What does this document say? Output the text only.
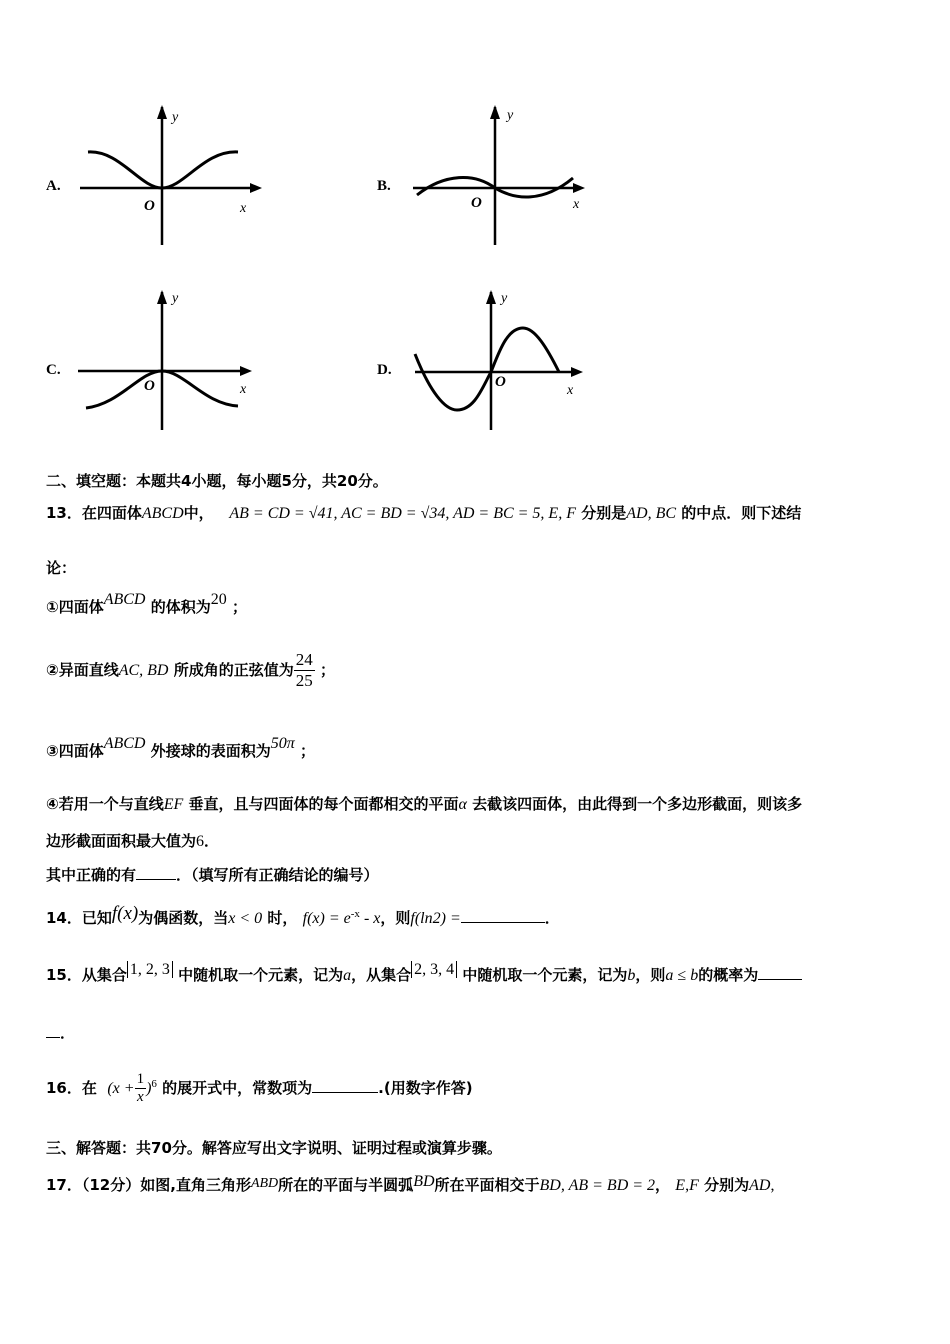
A.	B.
C.	D.
y
x
O
y
x
O
y
x
O
y
x
O
二、填空题：本题共4小题，每小题5分，共20分。
13．在四面体ABCD中， AB = CD = √41, AC = BD = √34, AD = BC = 5, E, F 分别是AD, BC 的中点．则下述结
论：
①四面体ABCD 的体积为20 ；
②异面直线AC, BD 所成角的正弦值为 $\frac{24}{25}$ ；
③四面体ABCD 外接球的表面积为50π ；
④若用一个与直线EF 垂直，且与四面体的每个面都相交的平面α 去截该四面体，由此得到一个多边形截面，则该多
边形截面面积最大值为6．
其中正确的有	．（填写所有正确结论的编号）
14．已知f(x)为偶函数，当x < 0 时， $f(x) = e^{-x} - x$，则f(ln2) =	．
15．从集合 1, 2, 3 中随机取一个元素，记为a，从集合 2, 3, 4 中随机取一个元素，记为b，则a ≤ b的概率为
．
16．在 $(x + \frac{1}{x} )^6$ 的展开式中，常数项为	.(用数字作答)
三、解答题：共70分。解答应写出文字说明、证明过程或演算步骤。
17．（12分）如图,直角三角形ABD所在的平面与半圆弧BD所在平面相交于BD, AB = BD = 2， E,F 分别为AD,
